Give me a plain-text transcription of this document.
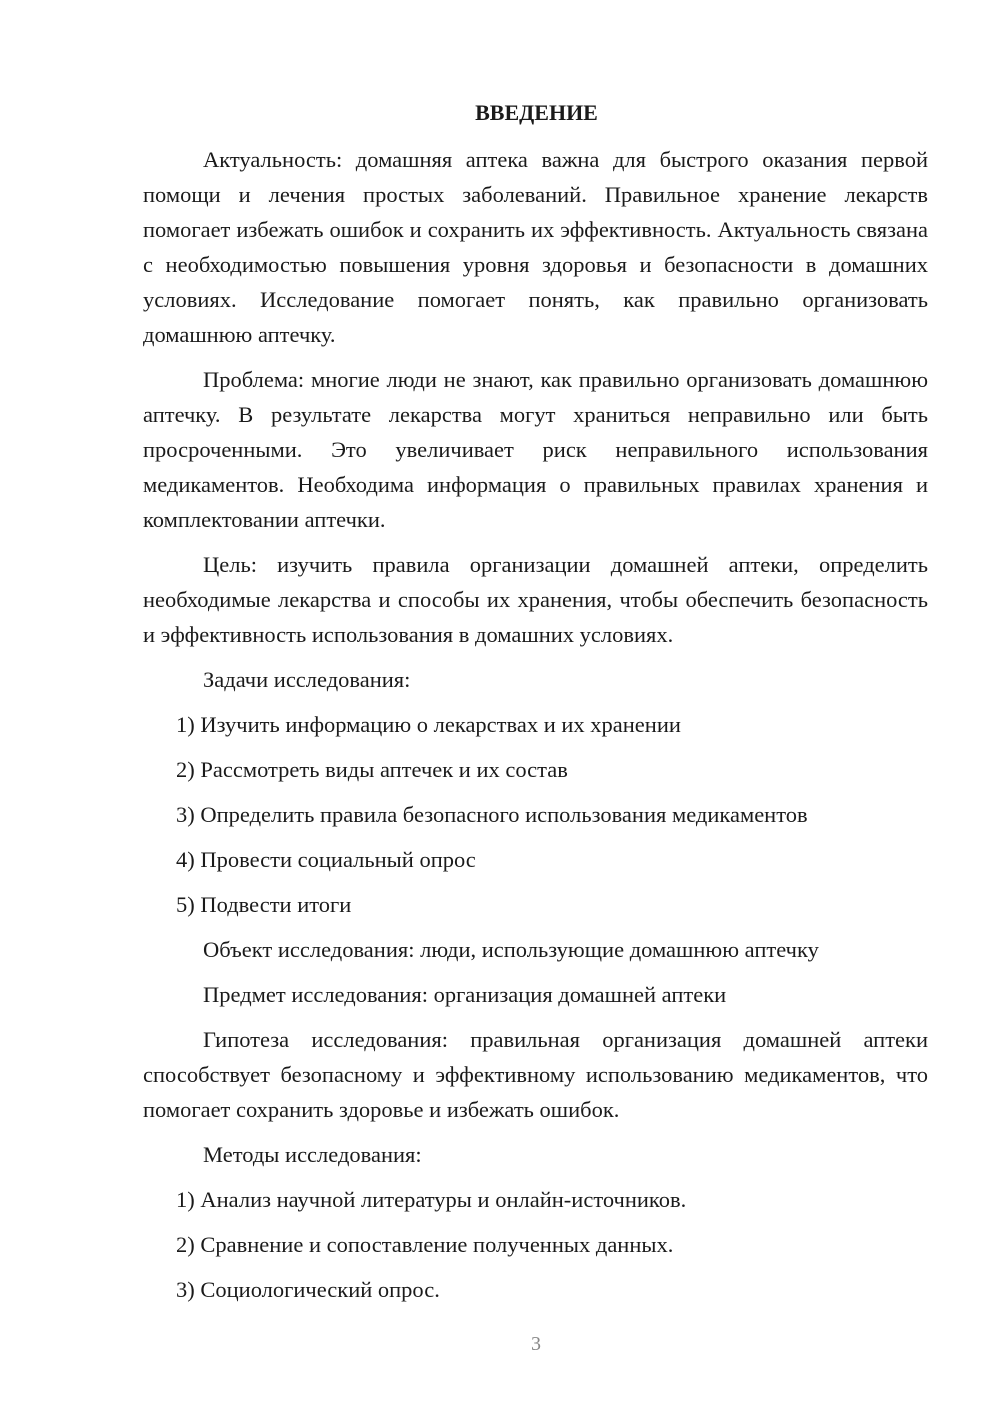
ВВЕДЕНИЕ

Актуальность: домашняя аптека важна для быстрого оказания первой помощи и лечения простых заболеваний. Правильное хранение лекарств помогает избежать ошибок и сохранить их эффективность. Актуальность связана с необходимостью повышения уровня здоровья и безопасности в домашних условиях. Исследование помогает понять, как правильно организовать домашнюю аптечку.

Проблема: многие люди не знают, как правильно организовать домашнюю аптечку. В результате лекарства могут храниться неправильно или быть просроченными. Это увеличивает риск неправильного использования медикаментов. Необходима информация о правильных правилах хранения и комплектовании аптечки.

Цель: изучить правила организации домашней аптеки, определить необходимые лекарства и способы их хранения, чтобы обеспечить безопасность и эффективность использования в домашних условиях.

Задачи исследования:
1) Изучить информацию о лекарствах и их хранении
2) Рассмотреть виды аптечек и их состав
3) Определить правила безопасного использования медикаментов
4) Провести социальный опрос
5) Подвести итоги
Объект исследования: люди, использующие домашнюю аптечку
Предмет исследования: организация домашней аптеки

Гипотеза исследования: правильная организация домашней аптеки способствует безопасному и эффективному использованию медикаментов, что помогает сохранить здоровье и избежать ошибок.

Методы исследования:
1) Анализ научной литературы и онлайн-источников.
2) Сравнение и сопоставление полученных данных.
3) Социологический опрос.
3
